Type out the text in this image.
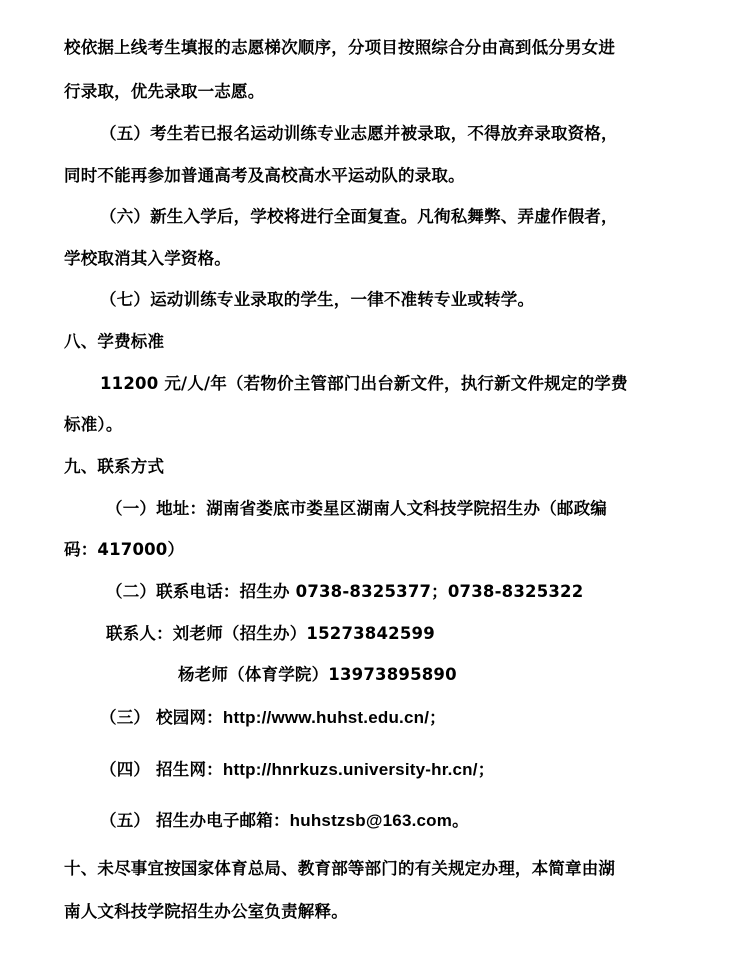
校依据上线考生填报的志愿梯次顺序，分项目按照综合分由高到低分男女进
行录取，优先录取一志愿。
（五）考生若已报名运动训练专业志愿并被录取，不得放弃录取资格，
同时不能再参加普通高考及高校高水平运动队的录取。
（六）新生入学后，学校将进行全面复查。凡徇私舞弊、弄虚作假者，
学校取消其入学资格。
（七）运动训练专业录取的学生，一律不准转专业或转学。
八、学费标准
11200 元/人/年（若物价主管部门出台新文件，执行新文件规定的学费
标准）。
九、联系方式
（一）地址：湖南省娄底市娄星区湖南人文科技学院招生办（邮政编
码：417000）
（二）联系电话：招生办 0738-8325377；0738-8325322
联系人：刘老师（招生办）15273842599
杨老师（体育学院）13973895890
（三） 校园网：http://www.huhst.edu.cn/；
（四） 招生网：http://hnrkuzs.university-hr.cn/；
（五） 招生办电子邮箱：huhstzsb@163.com。
十、未尽事宜按国家体育总局、教育部等部门的有关规定办理，本简章由湖
南人文科技学院招生办公室负责解释。
